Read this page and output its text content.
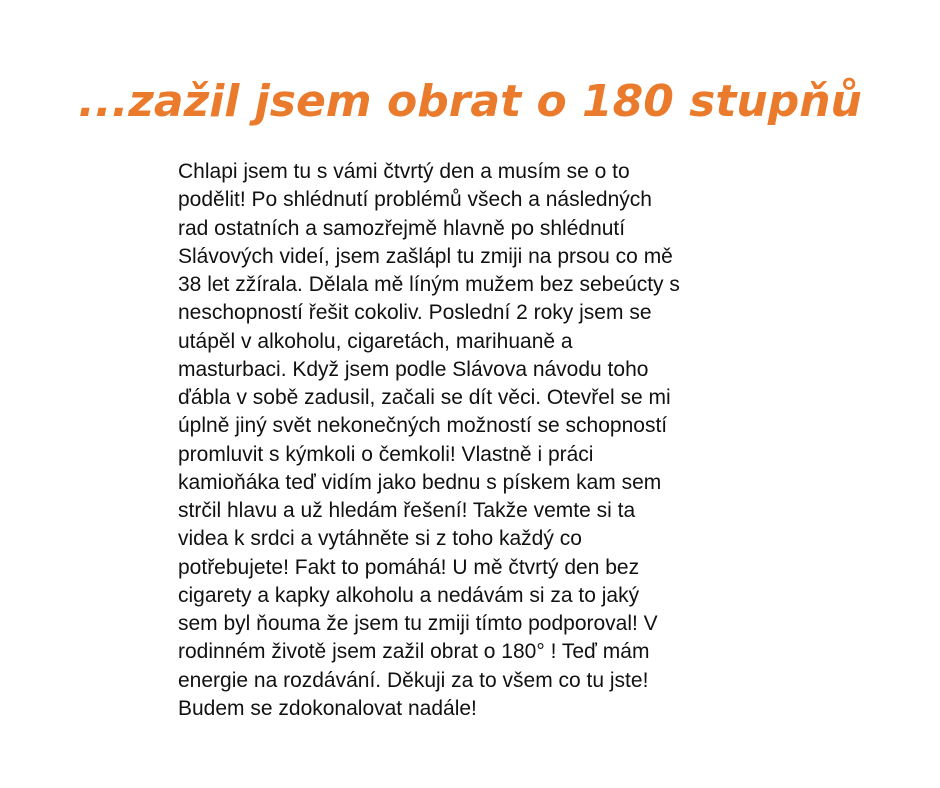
...zažil jsem obrat o 180 stupňů
Chlapi jsem tu s vámi čtvrtý den a musím se o to
podělit! Po shlédnutí problémů všech a následných
rad ostatních a samozřejmě hlavně po shlédnutí
Slávových videí, jsem zašlápl tu zmiji na prsou co mě
38 let zžírala. Dělala mě líným mužem bez sebeúcty s
neschopností řešit cokoliv. Poslední 2 roky jsem se
utápěl v alkoholu, cigaretách, marihuaně a
masturbaci. Když jsem podle Slávova návodu toho
ďábla v sobě zadusil, začali se dít věci. Otevřel se mi
úplně jiný svět nekonečných možností se schopností
promluvit s kýmkoli o čemkoli! Vlastně i práci
kamioňáka teď vidím jako bednu s pískem kam sem
strčil hlavu a už hledám řešení! Takže vemte si ta
videa k srdci a vytáhněte si z toho každý co
potřebujete! Fakt to pomáhá! U mě čtvrtý den bez
cigarety a kapky alkoholu a nedávám si za to jaký
sem byl ňouma že jsem tu zmiji tímto podporoval! V
rodinném životě jsem zažil obrat o 180° ! Teď mám
energie na rozdávání. Děkuji za to všem co tu jste!
Budem se zdokonalovat nadále!
